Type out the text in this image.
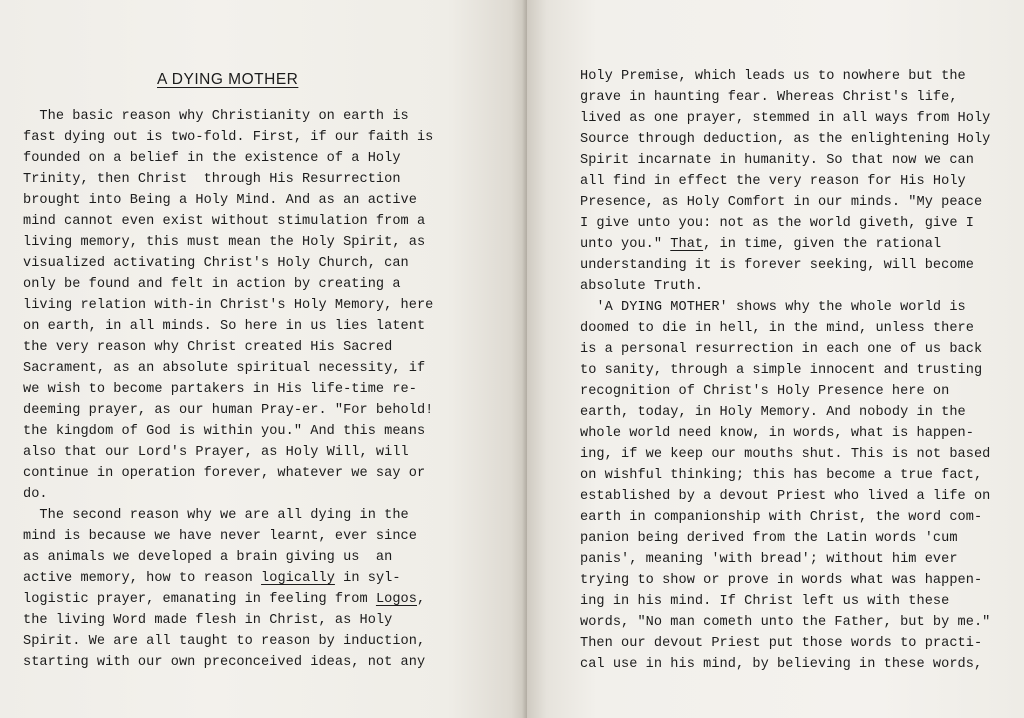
A DYING MOTHER
The basic reason why Christianity on earth is
fast dying out is two-fold. First, if our faith is
founded on a belief in the existence of a Holy
Trinity, then Christ  through His Resurrection
brought into Being a Holy Mind. And as an active
mind cannot even exist without stimulation from a
living memory, this must mean the Holy Spirit, as
visualized activating Christ's Holy Church, can
only be found and felt in action by creating a
living relation with-in Christ's Holy Memory, here
on earth, in all minds. So here in us lies latent
the very reason why Christ created His Sacred
Sacrament, as an absolute spiritual necessity, if
we wish to become partakers in His life-time re-
deeming prayer, as our human Pray-er. "For behold!
the kingdom of God is within you." And this means
also that our Lord's Prayer, as Holy Will, will
continue in operation forever, whatever we say or
do.
The second reason why we are all dying in the
mind is because we have never learnt, ever since
as animals we developed a brain giving us  an
active memory, how to reason logically in syl-
logistic prayer, emanating in feeling from Logos,
the living Word made flesh in Christ, as Holy
Spirit. We are all taught to reason by induction,
starting with our own preconceived ideas, not any
Holy Premise, which leads us to nowhere but the
grave in haunting fear. Whereas Christ's life,
lived as one prayer, stemmed in all ways from Holy
Source through deduction, as the enlightening Holy
Spirit incarnate in humanity. So that now we can
all find in effect the very reason for His Holy
Presence, as Holy Comfort in our minds. "My peace
I give unto you: not as the world giveth, give I
unto you." That, in time, given the rational
understanding it is forever seeking, will become
absolute Truth.
'A DYING MOTHER' shows why the whole world is
doomed to die in hell, in the mind, unless there
is a personal resurrection in each one of us back
to sanity, through a simple innocent and trusting
recognition of Christ's Holy Presence here on
earth, today, in Holy Memory. And nobody in the
whole world need know, in words, what is happen-
ing, if we keep our mouths shut. This is not based
on wishful thinking; this has become a true fact,
established by a devout Priest who lived a life on
earth in companionship with Christ, the word com-
panion being derived from the Latin words 'cum
panis', meaning 'with bread'; without him ever
trying to show or prove in words what was happen-
ing in his mind. If Christ left us with these
words, "No man cometh unto the Father, but by me."
Then our devout Priest put those words to practi-
cal use in his mind, by believing in these words,
